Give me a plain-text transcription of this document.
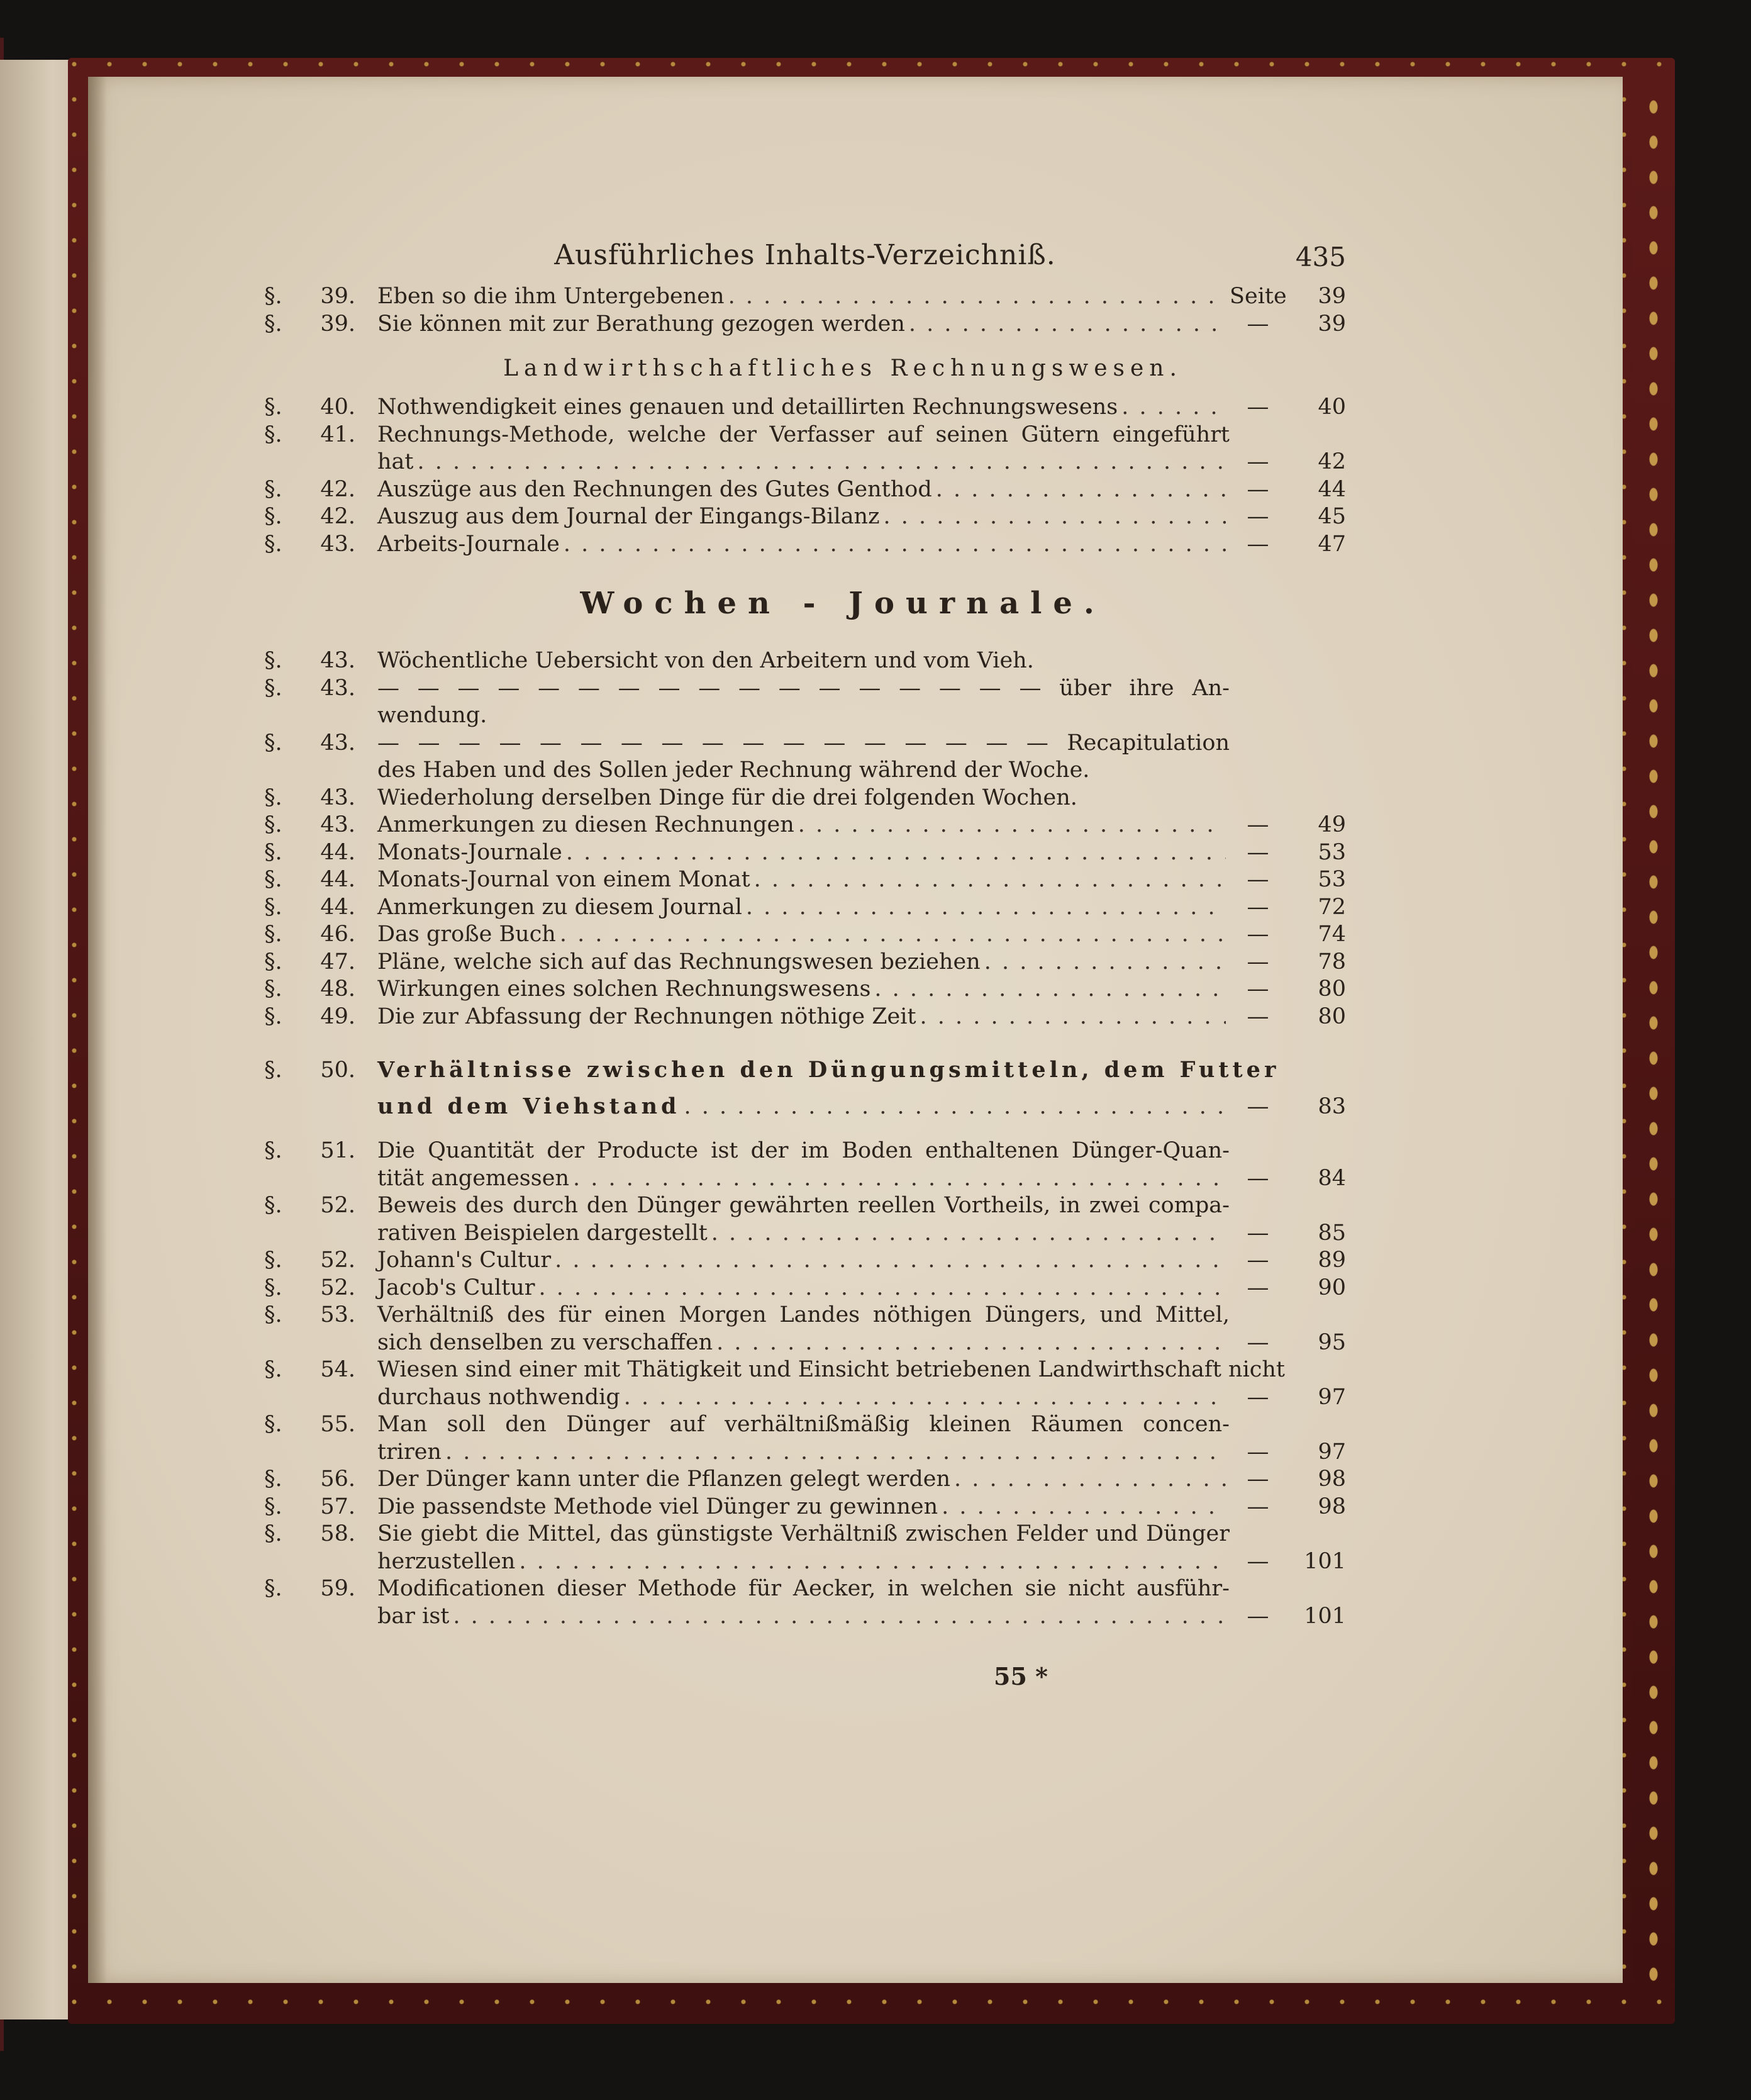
Ausführliches Inhalts-Verzeichniß.	435
§.	39.	Eben so die ihm Untergebenen . . .	Seite	39
§.	39.	Sie können mit zur Berathung gezogen werden . . .	—	39
Landwirthschaftliches Rechnungswesen.
§.	40.	Nothwendigkeit eines genauen und detaillirten Rechnungswesens . . .	—	40
§.	41.	Rechnungs-Methode, welche der Verfasser auf seinen Gütern eingeführt
hat . . .	—	42
§.	42.	Auszüge aus den Rechnungen des Gutes Genthod . . .	—	44
§.	42.	Auszug aus dem Journal der Eingangs-Bilanz . . .	—	45
§.	43.	Arbeits-Journale . . .	—	47
Wochen - Journale.
§.	43.	Wöchentliche Uebersicht von den Arbeitern und vom Vieh.
§.	43.	— — — — — — — — — — — — — — — — — über ihre An-
wendung.
§.	43.	— — — — — — — — — — — — — — — — — Recapitulation
des Haben und des Sollen jeder Rechnung während der Woche.
§.	43.	Wiederholung derselben Dinge für die drei folgenden Wochen.
§.	43.	Anmerkungen zu diesen Rechnungen . . .	—	49
§.	44.	Monats-Journale . . .	—	53
§.	44.	Monats-Journal von einem Monat . . .	—	53
§.	44.	Anmerkungen zu diesem Journal . . .	—	72
§.	46.	Das große Buch . . .	—	74
§.	47.	Pläne, welche sich auf das Rechnungswesen beziehen . . .	—	78
§.	48.	Wirkungen eines solchen Rechnungswesens . . .	—	80
§.	49.	Die zur Abfassung der Rechnungen nöthige Zeit . . .	—	80
§.	50.	Verhältnisse zwischen den Düngungsmitteln, dem Futter
und dem Viehstand . . .	—	83
§.	51.	Die Quantität der Producte ist der im Boden enthaltenen Dünger-Quan-
tität angemessen . . .	—	84
§.	52.	Beweis des durch den Dünger gewährten reellen Vortheils, in zwei compa-
rativen Beispielen dargestellt . . .	—	85
§.	52.	Johann's Cultur . . .	—	89
§.	52.	Jacob's Cultur . . .	—	90
§.	53.	Verhältniß des für einen Morgen Landes nöthigen Düngers, und Mittel,
sich denselben zu verschaffen . . .	—	95
§.	54.	Wiesen sind einer mit Thätigkeit und Einsicht betriebenen Landwirthschaft nicht
durchaus nothwendig . . .	—	97
§.	55.	Man soll den Dünger auf verhältnißmäßig kleinen Räumen concen-
triren . . .	—	97
§.	56.	Der Dünger kann unter die Pflanzen gelegt werden . . .	—	98
§.	57.	Die passendste Methode viel Dünger zu gewinnen . . .	—	98
§.	58.	Sie giebt die Mittel, das günstigste Verhältniß zwischen Felder und Dünger
herzustellen . . .	—	101
§.	59.	Modificationen dieser Methode für Aecker, in welchen sie nicht ausführ-
bar ist . . .	—	101
55 *
